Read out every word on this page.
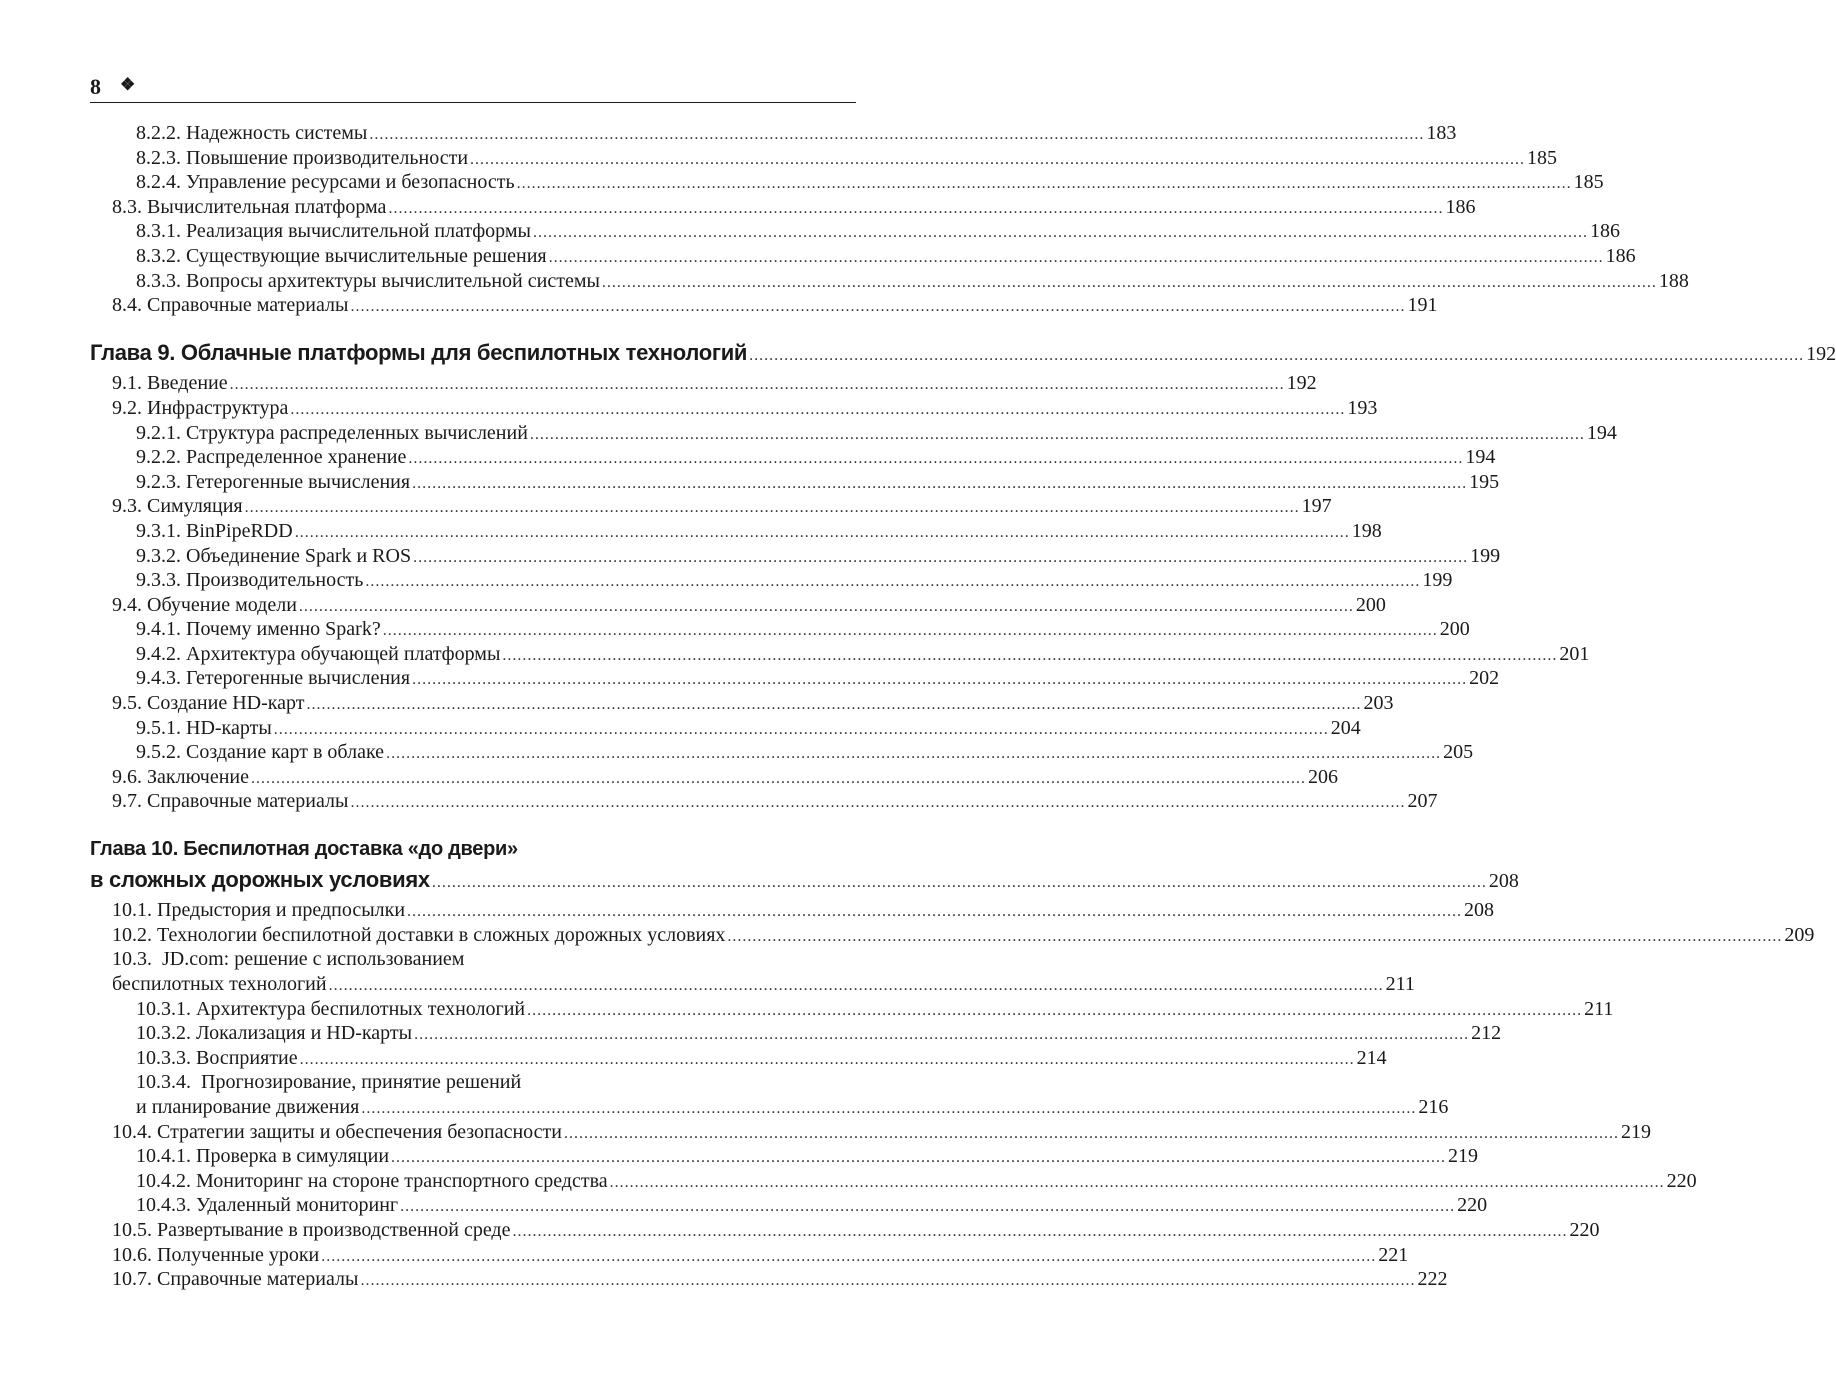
8 ❖
8.2.2. Надежность системы ................................................................................................................................................................................................................... 183
8.2.3. Повышение производительности ................................................................................................................................................................................................................... 185
8.2.4. Управление ресурсами и безопасность ................................................................................................................................................................................................................... 185
8.3. Вычислительная платформа ................................................................................................................................................................................................................... 186
8.3.1. Реализация вычислительной платформы ................................................................................................................................................................................................................... 186
8.3.2. Существующие вычислительные решения ................................................................................................................................................................................................................... 186
8.3.3. Вопросы архитектуры вычислительной системы ................................................................................................................................................................................................................... 188
8.4. Справочные материалы ................................................................................................................................................................................................................... 191
Глава 9. Облачные платформы для беспилотных технологий ................................................................................................................................................................................................................... 192
9.1. Введение ................................................................................................................................................................................................................... 192
9.2. Инфраструктура ................................................................................................................................................................................................................... 193
9.2.1. Структура распределенных вычислений ................................................................................................................................................................................................................... 194
9.2.2. Распределенное хранение ................................................................................................................................................................................................................... 194
9.2.3. Гетерогенные вычисления ................................................................................................................................................................................................................... 195
9.3. Симуляция ................................................................................................................................................................................................................... 197
9.3.1. BinPipeRDD ................................................................................................................................................................................................................... 198
9.3.2. Объединение Spark и ROS ................................................................................................................................................................................................................... 199
9.3.3. Производительность ................................................................................................................................................................................................................... 199
9.4. Обучение модели ................................................................................................................................................................................................................... 200
9.4.1. Почему именно Spark? ................................................................................................................................................................................................................... 200
9.4.2. Архитектура обучающей платформы ................................................................................................................................................................................................................... 201
9.4.3. Гетерогенные вычисления ................................................................................................................................................................................................................... 202
9.5. Создание HD-карт ................................................................................................................................................................................................................... 203
9.5.1. HD-карты ................................................................................................................................................................................................................... 204
9.5.2. Создание карт в облаке ................................................................................................................................................................................................................... 205
9.6. Заключение ................................................................................................................................................................................................................... 206
9.7. Справочные материалы ................................................................................................................................................................................................................... 207
Глава 10. Беспилотная доставка «до двери»
в сложных дорожных условиях ................................................................................................................................................................................................................... 208
10.1. Предыстория и предпосылки ................................................................................................................................................................................................................... 208
10.2. Технологии беспилотной доставки в сложных дорожных условиях ................................................................................................................................................................................................................... 209
10.3. JD.com: решение с использованием
беспилотных технологий ................................................................................................................................................................................................................... 211
10.3.1. Архитектура беспилотных технологий ................................................................................................................................................................................................................... 211
10.3.2. Локализация и HD-карты ................................................................................................................................................................................................................... 212
10.3.3. Восприятие ................................................................................................................................................................................................................... 214
10.3.4. Прогнозирование, принятие решений
и планирование движения ................................................................................................................................................................................................................... 216
10.4. Стратегии защиты и обеспечения безопасности ................................................................................................................................................................................................................... 219
10.4.1. Проверка в симуляции ................................................................................................................................................................................................................... 219
10.4.2. Мониторинг на стороне транспортного средства ................................................................................................................................................................................................................... 220
10.4.3. Удаленный мониторинг ................................................................................................................................................................................................................... 220
10.5. Развертывание в производственной среде ................................................................................................................................................................................................................... 220
10.6. Полученные уроки ................................................................................................................................................................................................................... 221
10.7. Справочные материалы ................................................................................................................................................................................................................... 222
